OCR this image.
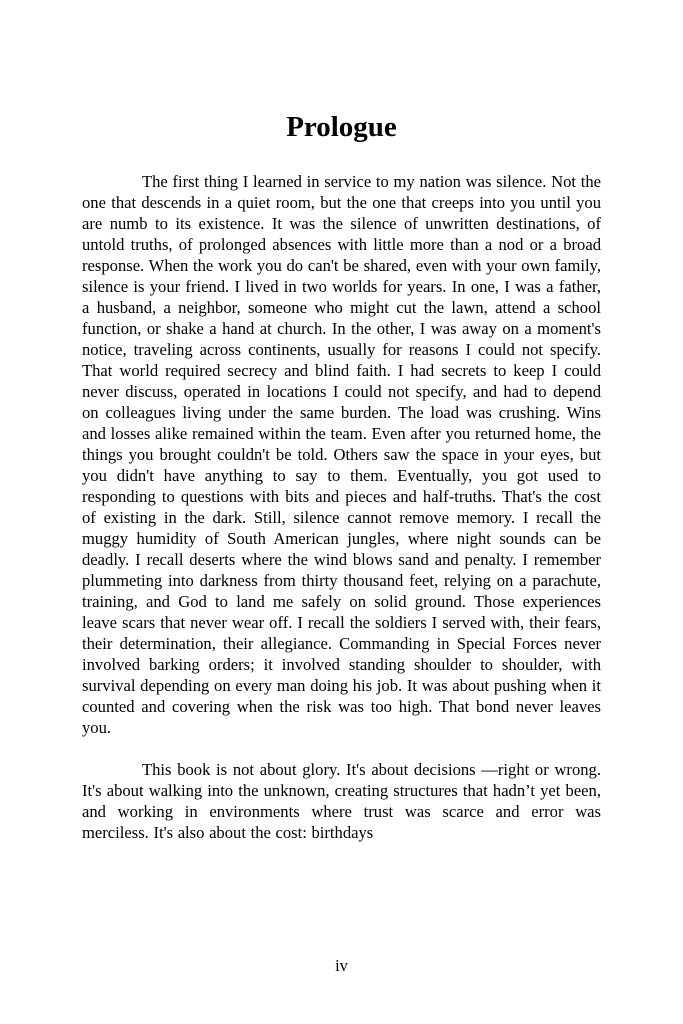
Prologue

The first thing I learned in service to my nation was silence. Not the one that descends in a quiet room, but the one that creeps into you until you are numb to its existence. It was the silence of unwritten destinations, of untold truths, of prolonged absences with little more than a nod or a broad response. When the work you do can't be shared, even with your own family, silence is your friend. I lived in two worlds for years. In one, I was a father, a husband, a neighbor, someone who might cut the lawn, attend a school function, or shake a hand at church. In the other, I was away on a moment's notice, traveling across continents, usually for reasons I could not specify. That world required secrecy and blind faith. I had secrets to keep I could never discuss, operated in locations I could not specify, and had to depend on colleagues living under the same burden. The load was crushing. Wins and losses alike remained within the team. Even after you returned home, the things you brought couldn't be told. Others saw the space in your eyes, but you didn't have anything to say to them. Eventually, you got used to responding to questions with bits and pieces and half-truths. That's the cost of existing in the dark. Still, silence cannot remove memory. I recall the muggy humidity of South American jungles, where night sounds can be deadly. I recall deserts where the wind blows sand and penalty. I remember plummeting into darkness from thirty thousand feet, relying on a parachute, training, and God to land me safely on solid ground. Those experiences leave scars that never wear off. I recall the soldiers I served with, their fears, their determination, their allegiance. Commanding in Special Forces never involved barking orders; it involved standing shoulder to shoulder, with survival depending on every man doing his job. It was about pushing when it counted and covering when the risk was too high. That bond never leaves you.

This book is not about glory. It's about decisions —right or wrong. It's about walking into the unknown, creating structures that hadn’t yet been, and working in environments where trust was scarce and error was merciless. It's also about the cost: birthdays

iv
